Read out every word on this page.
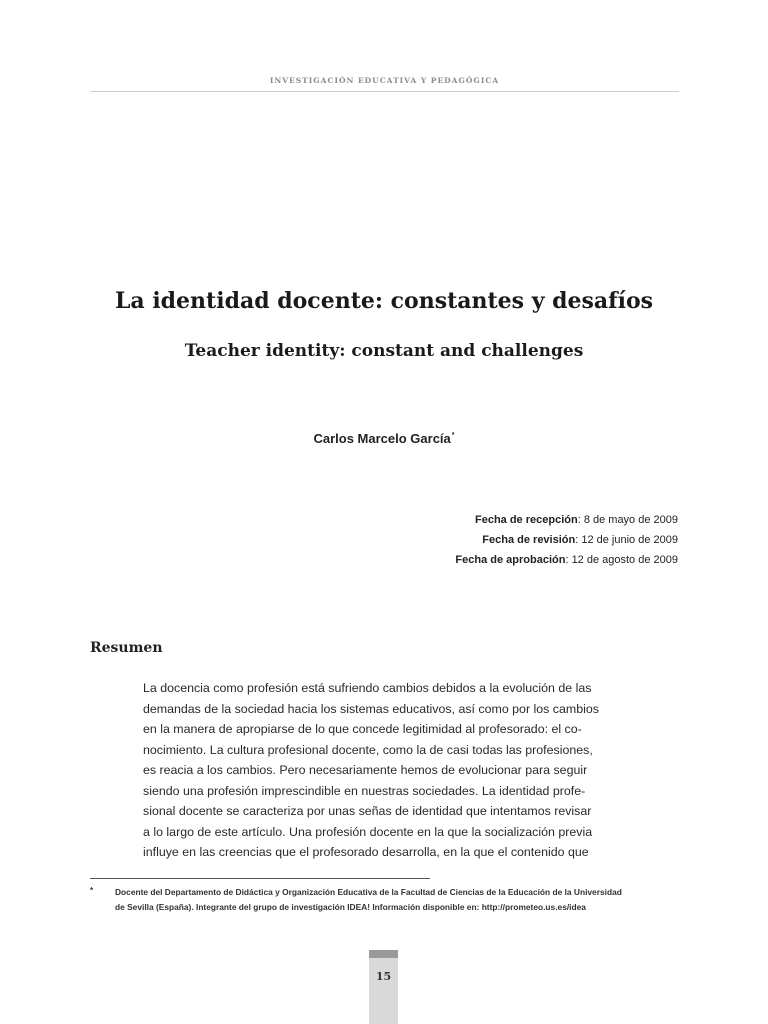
INVESTIGACIÓN EDUCATIVA Y PEDAGÓGICA
La identidad docente: constantes y desafíos
Teacher identity: constant and challenges
Carlos Marcelo García*
Fecha de recepción: 8 de mayo de 2009
Fecha de revisión: 12 de junio de 2009
Fecha de aprobación: 12 de agosto de 2009
Resumen

La docencia como profesión está sufriendo cambios debidos a la evolución de las
demandas de la sociedad hacia los sistemas educativos, así como por los cambios
en la manera de apropiarse de lo que concede legitimidad al profesorado: el co-
nocimiento. La cultura profesional docente, como la de casi todas las profesiones,
es reacia a los cambios. Pero necesariamente hemos de evolucionar para seguir
siendo una profesión imprescindible en nuestras sociedades. La identidad profe-
sional docente se caracteriza por unas señas de identidad que intentamos revisar
a lo largo de este artículo. Una profesión docente en la que la socialización previa
influye en las creencias que el profesorado desarrolla, en la que el contenido que

*	Docente del Departamento de Didáctica y Organización Educativa de la Facultad de Ciencias de la Educación de la Universidad
de Sevilla (España). Integrante del grupo de investigación IDEA! Información disponible en: http://prometeo.us.es/idea
15
